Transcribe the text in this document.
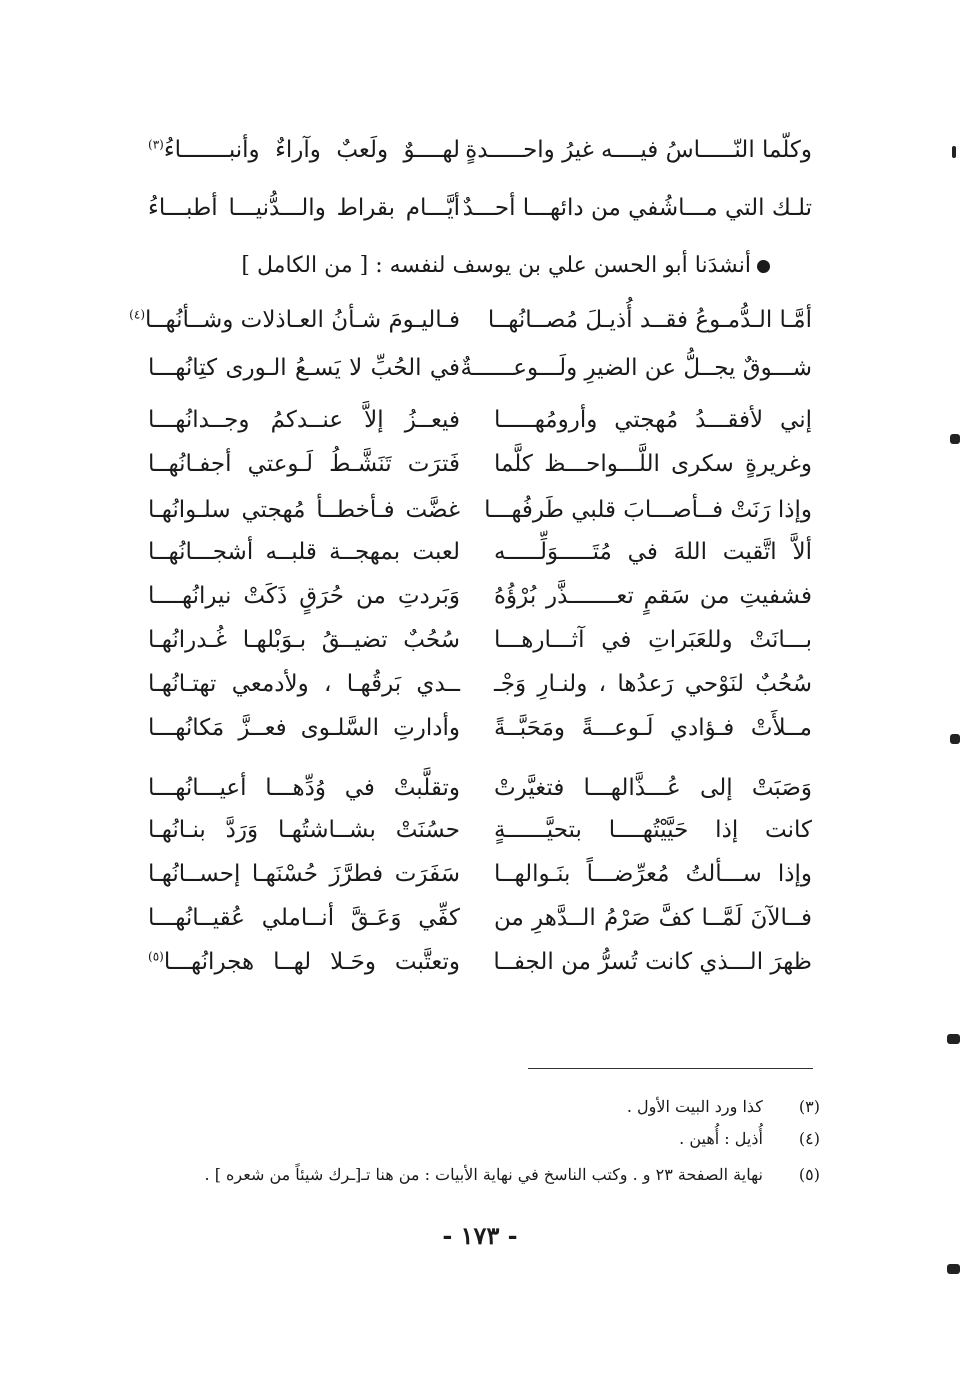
وكلّما النّـــــاسُ فيــــه غيرُ واحـــــدةٍ
لهــــوٌ ولَعبٌ وآراءٌ وأنبـــــــاءُ$^{(٣)}$
تلـك التي مـــاشُفي من دائهـــا أحـــدٌ
أيَّـــام بقراط والـــدُّنيـــا أطبـــاءُ
أنشدَنا أبو الحسن علي بن يوسف لنفسه : [ من الكامل ]
أمَّـا الـدُّمـوعُ فقــد أُذيـلَ مُصــانُهــا
فـاليـومَ شـأنُ العـاذلات وشــأنُهــا$^{(٤)}$
شـــوقٌ يجــلُّ عن الضيرِ ولَـــوعــــــةٌ
في الحُبِّ لا يَسـعُ الـورى كتِانُهـــا
إني لأفقـــدُ مُهجتي وأرومُهـــــا
فيعــزُ إلاَّ عنــدكمُ وجــدانُهـــا
وغريرةٍ سكرى اللَّـــواحـــظ كلَّما
فَترَت تَنَشَّـطُ لَـوعتي أجفـانُهــا
وإذا رَنَتْ فــأصـــابَ قلبي طَرفُهـــا
غضَّت فـأخطــأ مُهجتي سلـوانُهـا
ألاَّ اتَّقيت اللهَ في مُتَـــــوَلِّـــــه
لعبت بمهجــة قلبــه أشجـــانُهــا
فشفيتِ من سَقمٍ تعـــــــذَّر بُرْؤُهُ
وَبَردتِ من حُرَقٍ ذَكَتْ نيرانُهــــا
بـــانَتْ وللعَبَراتِ في آثـــارهـــا
سُحُبٌ تضيــقُ بـوَبْلهـا غُـدرانُهـا
سُحُبٌ لنَوْحي رَعدُها ، ولنـارِ وَجْـ
ــدي بَرقُهـا ، ولأدمعي تهتـانُهـا
مــلأَتْ فـؤادي لَـوعـــةً ومَحَبَّــةً
وأدارتِ السَّلـوى فعــزَّ مَكانُهـــا
وَصَبَتْ إلى عُـــذَّالهـــا فتغيَّرتْ
وتقلَّبتْ في وُدِّهـــا أعيـــانُهـــا
كانت إذا حَيَّيْتُهــــا بتحيَّــــــةٍ
حسُنَتْ بشــاشتُهـا وَرَدَّ بنـانُهـا
وإذا ســـألتُ مُعرِّضـــاً بنَـوالهــا
سَفَرَت فطرَّزَ حُسْنَهـا إحســانُهـا
فــالآنَ لَمَّــا كفَّ صَرْمُ الــدَّهرِ من
كفِّي وَعَـقَّ أنــاملي عُقيــانُهـــا
ظهرَ الـــذي كانت تُسرُّ من الجفــا
وتعتَّبت وحَـلا لهــا هجرانُهـــا$^{(٥)}$
(٣) كذا ورد البيت الأول .
(٤) أُذيل : أُهين .
(٥) نهاية الصفحة ٢٣ و . وكتب الناسخ في نهاية الأبيات : من هنا تـ[ـرك شيئاً من شعره ] .
- ١٧٣ -
